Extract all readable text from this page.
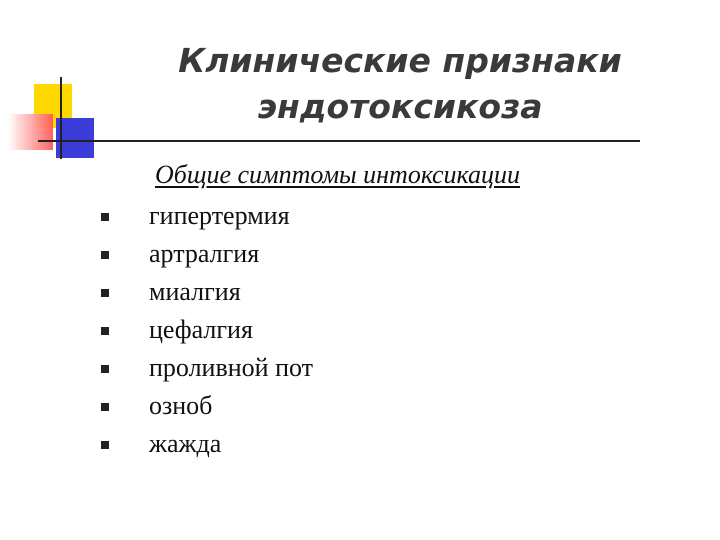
Клинические признаки
эндотоксикоза
Общие симптомы интоксикации
гипертермия
артралгия
миалгия
цефалгия
проливной пот
озноб
жажда
